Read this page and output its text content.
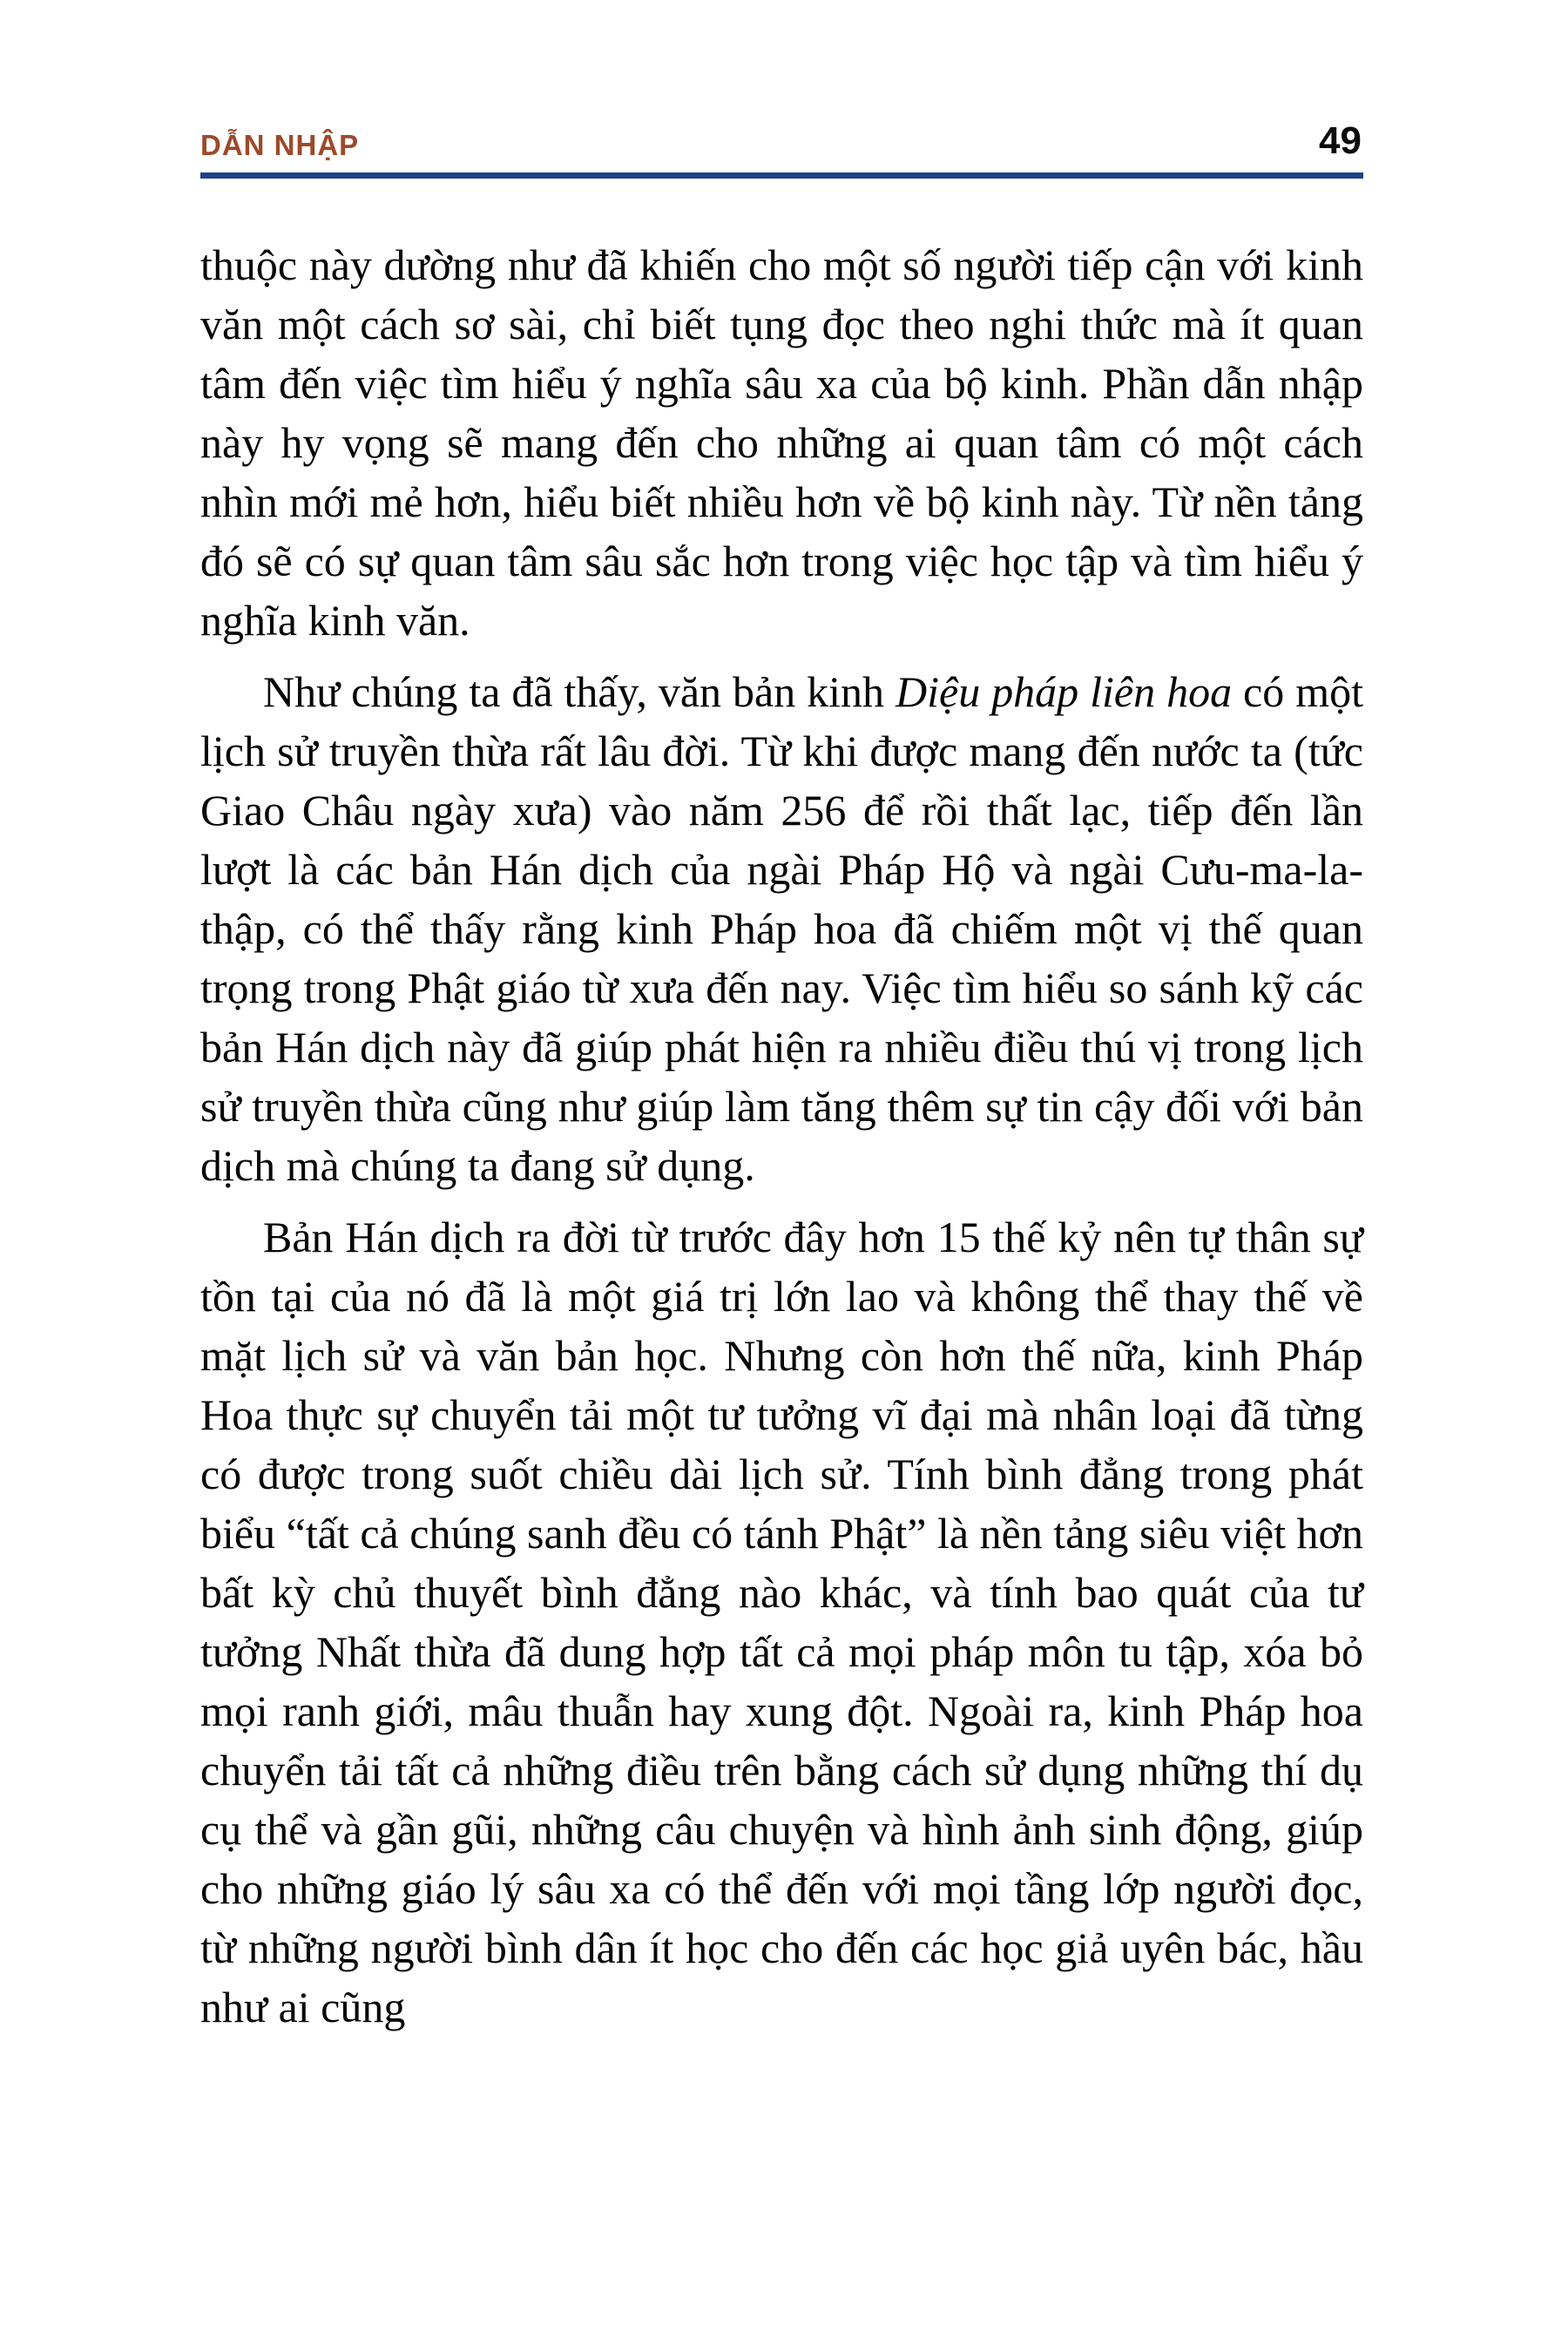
DẪN NHẬP	49

thuộc này dường như đã khiến cho một số người tiếp cận với kinh văn một cách sơ sài, chỉ biết tụng đọc theo nghi thức mà ít quan tâm đến việc tìm hiểu ý nghĩa sâu xa của bộ kinh. Phần dẫn nhập này hy vọng sẽ mang đến cho những ai quan tâm có một cách nhìn mới mẻ hơn, hiểu biết nhiều hơn về bộ kinh này. Từ nền tảng đó sẽ có sự quan tâm sâu sắc hơn trong việc học tập và tìm hiểu ý nghĩa kinh văn.

Như chúng ta đã thấy, văn bản kinh Diệu pháp liên hoa có một lịch sử truyền thừa rất lâu đời. Từ khi được mang đến nước ta (tức Giao Châu ngày xưa) vào năm 256 để rồi thất lạc, tiếp đến lần lượt là các bản Hán dịch của ngài Pháp Hộ và ngài Cưu-ma-la-thập, có thể thấy rằng kinh Pháp hoa đã chiếm một vị thế quan trọng trong Phật giáo từ xưa đến nay. Việc tìm hiểu so sánh kỹ các bản Hán dịch này đã giúp phát hiện ra nhiều điều thú vị trong lịch sử truyền thừa cũng như giúp làm tăng thêm sự tin cậy đối với bản dịch mà chúng ta đang sử dụng.

Bản Hán dịch ra đời từ trước đây hơn 15 thế kỷ nên tự thân sự tồn tại của nó đã là một giá trị lớn lao và không thể thay thế về mặt lịch sử và văn bản học. Nhưng còn hơn thế nữa, kinh Pháp Hoa thực sự chuyển tải một tư tưởng vĩ đại mà nhân loại đã từng có được trong suốt chiều dài lịch sử. Tính bình đẳng trong phát biểu “tất cả chúng sanh đều có tánh Phật” là nền tảng siêu việt hơn bất kỳ chủ thuyết bình đẳng nào khác, và tính bao quát của tư tưởng Nhất thừa đã dung hợp tất cả mọi pháp môn tu tập, xóa bỏ mọi ranh giới, mâu thuẫn hay xung đột. Ngoài ra, kinh Pháp hoa chuyển tải tất cả những điều trên bằng cách sử dụng những thí dụ cụ thể và gần gũi, những câu chuyện và hình ảnh sinh động, giúp cho những giáo lý sâu xa có thể đến với mọi tầng lớp người đọc, từ những người bình dân ít học cho đến các học giả uyên bác, hầu như ai cũng
